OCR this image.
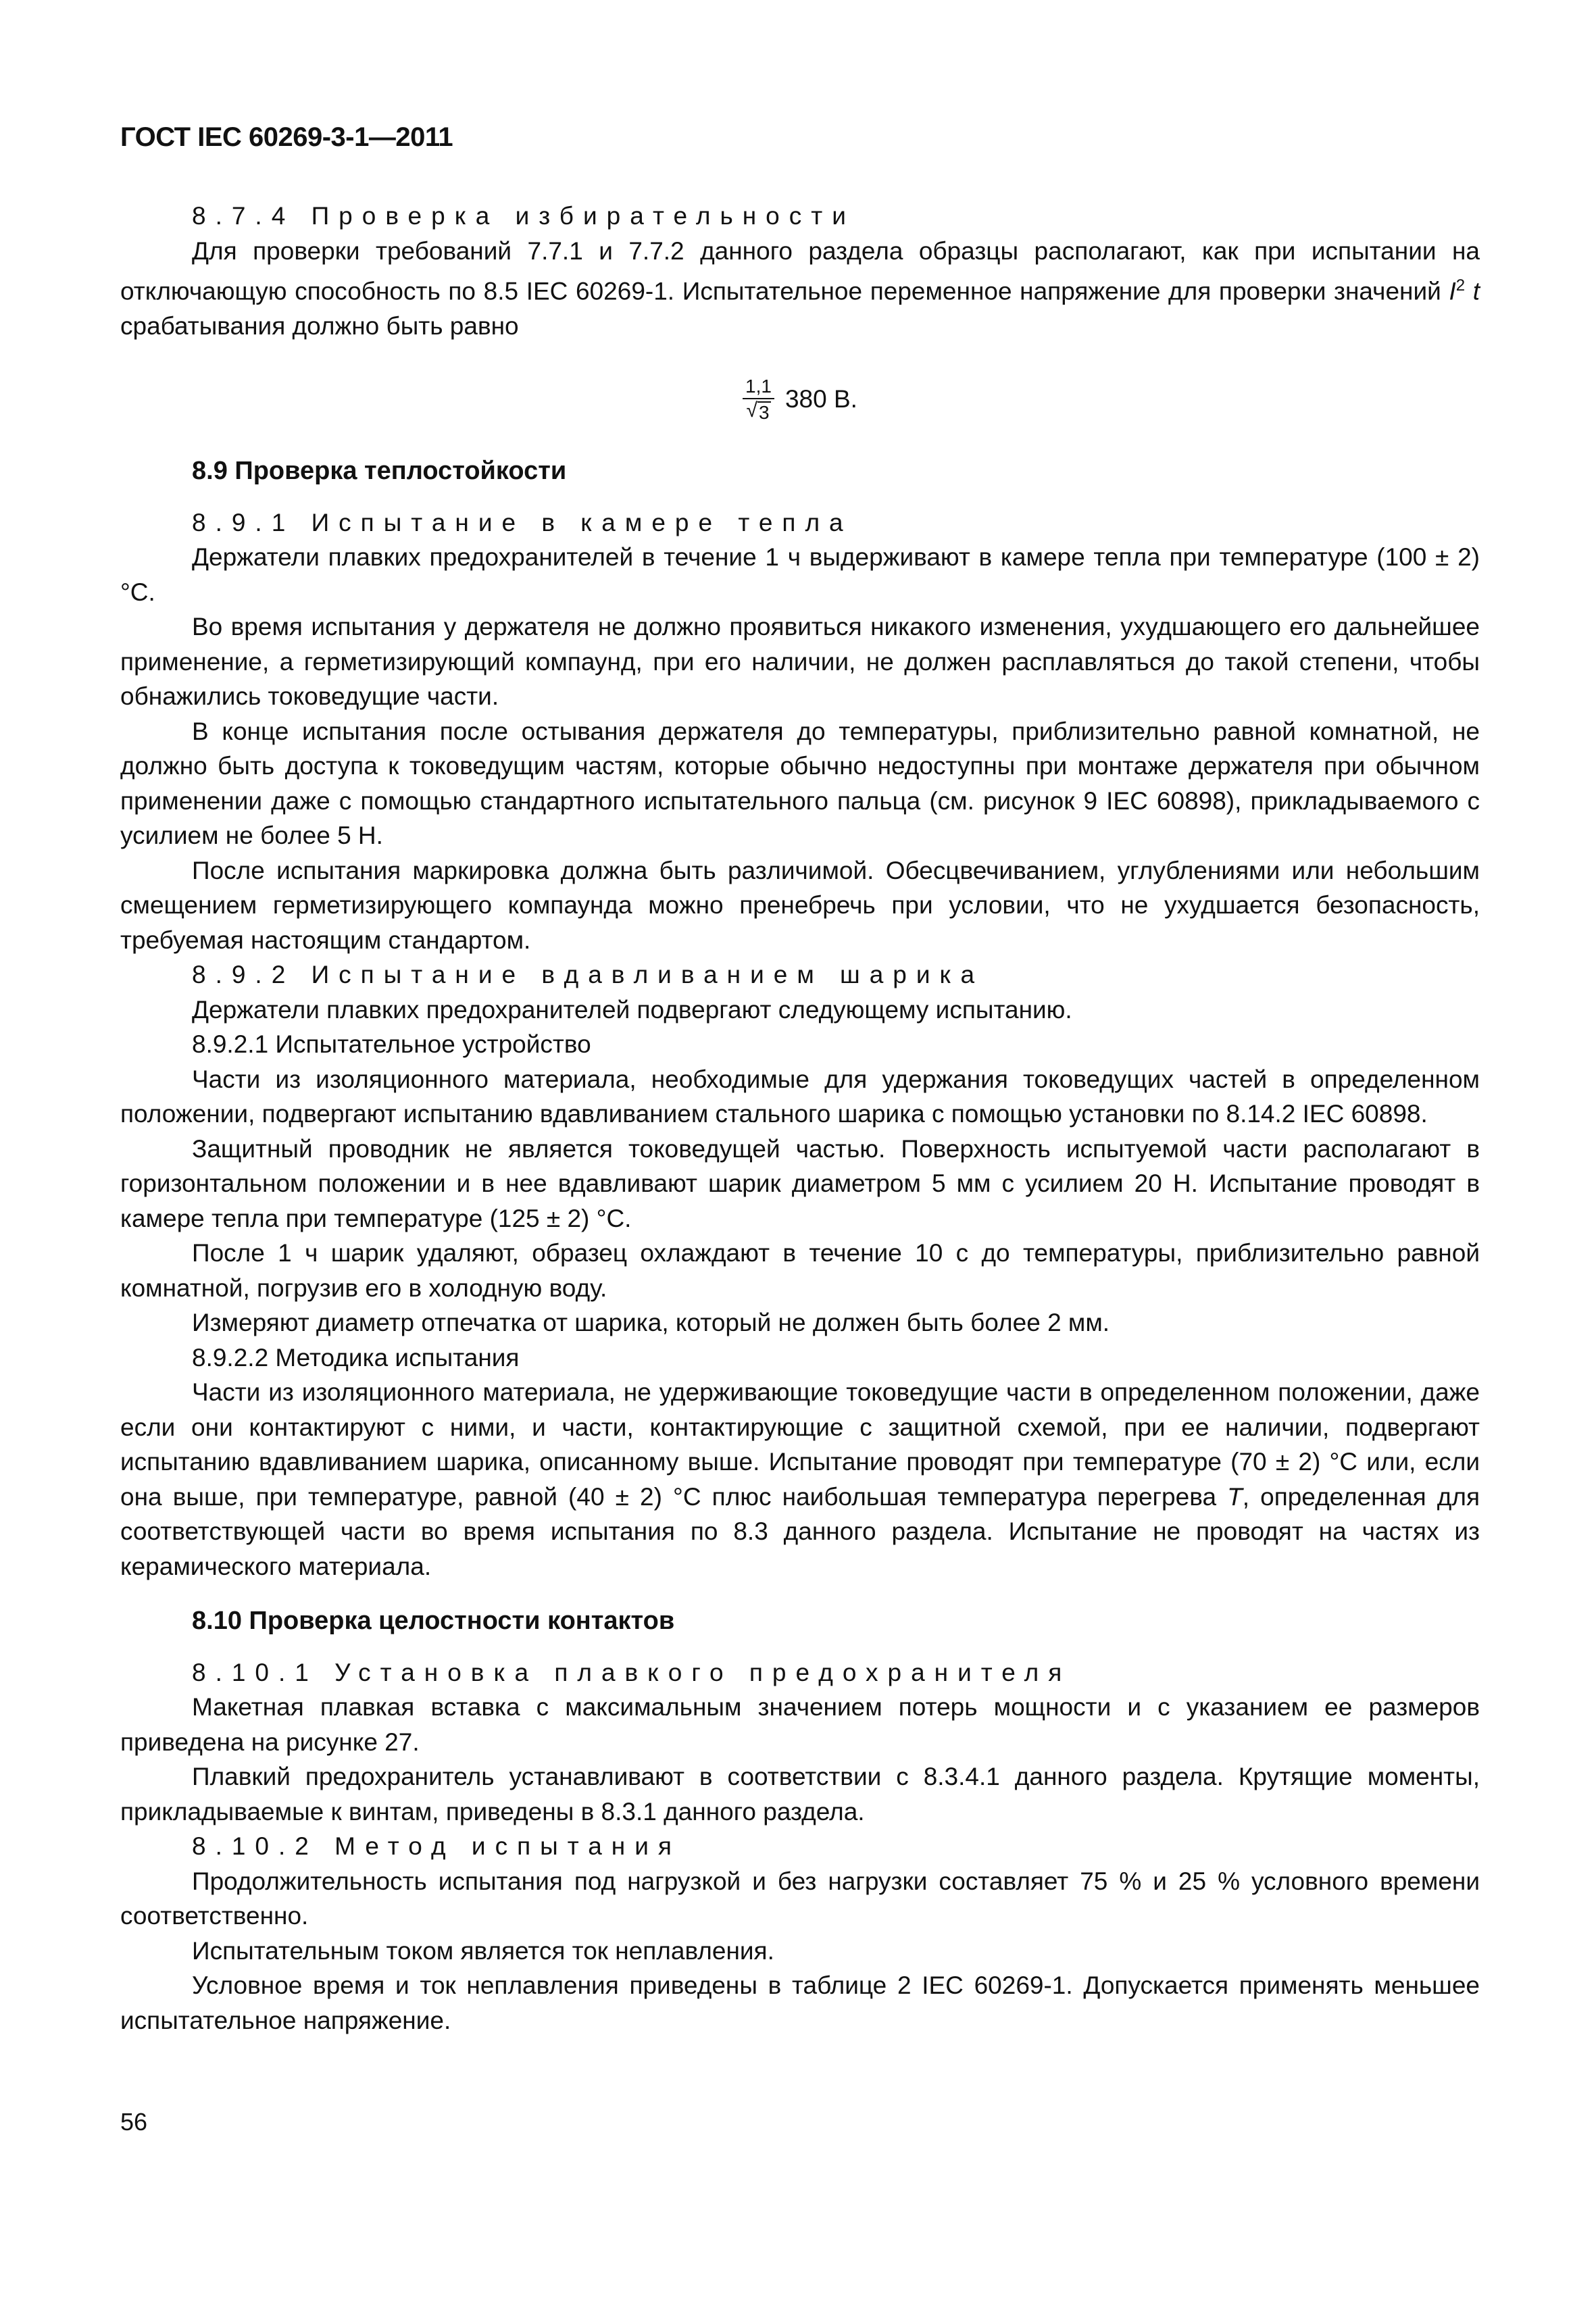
ГОСТ IEC 60269-3-1—2011

8.7.4 Проверка избирательности

Для проверки требований 7.7.1 и 7.7.2 данного раздела образцы располагают, как при испытании на отключающую способность по 8.5 IEC 60269-1. Испытательное переменное напряжение для проверки значений $I^2$ t срабатывания должно быть равно

$\frac{1,1}{√ 3} 380$ В.

8.9 Проверка теплостойкости

8.9.1 Испытание в камере тепла

Держатели плавких предохранителей в течение 1 ч выдерживают в камере тепла при температуре (100 ± 2) °С.

Во время испытания у держателя не должно проявиться никакого изменения, ухудшающего его дальнейшее применение, а герметизирующий компаунд, при его наличии, не должен расплавляться до такой степени, чтобы обнажились токоведущие части.

В конце испытания после остывания держателя до температуры, приблизительно равной комнатной, не должно быть доступа к токоведущим частям, которые обычно недоступны при монтаже держателя при обычном применении даже с помощью стандартного испытательного пальца (см. рисунок 9 IEC 60898), прикладываемого с усилием не более 5 Н.

После испытания маркировка должна быть различимой. Обесцвечиванием, углублениями или небольшим смещением герметизирующего компаунда можно пренебречь при условии, что не ухудшается безопасность, требуемая настоящим стандартом.

8.9.2 Испытание вдавливанием шарика

Держатели плавких предохранителей подвергают следующему испытанию.

8.9.2.1 Испытательное устройство

Части из изоляционного материала, необходимые для удержания токоведущих частей в определенном положении, подвергают испытанию вдавливанием стального шарика с помощью установки по 8.14.2 IEC 60898.

Защитный проводник не является токоведущей частью. Поверхность испытуемой части располагают в горизонтальном положении и в нее вдавливают шарик диаметром 5 мм с усилием 20 Н. Испытание проводят в камере тепла при температуре (125 ± 2) °С.

После 1 ч шарик удаляют, образец охлаждают в течение 10 с до температуры, приблизительно равной комнатной, погрузив его в холодную воду.

Измеряют диаметр отпечатка от шарика, который не должен быть более 2 мм.

8.9.2.2 Методика испытания

Части из изоляционного материала, не удерживающие токоведущие части в определенном положении, даже если они контактируют с ними, и части, контактирующие с защитной схемой, при ее наличии, подвергают испытанию вдавливанием шарика, описанному выше. Испытание проводят при температуре (70 ± 2) °С или, если она выше, при температуре, равной (40 ± 2) °С плюс наибольшая температура перегрева Т, определенная для соответствующей части во время испытания по 8.3 данного раздела. Испытание не проводят на частях из керамического материала.

8.10 Проверка целостности контактов

8.10.1 Установка плавкого предохранителя

Макетная плавкая вставка с максимальным значением потерь мощности и с указанием ее размеров приведена на рисунке 27.

Плавкий предохранитель устанавливают в соответствии с 8.3.4.1 данного раздела. Крутящие моменты, прикладываемые к винтам, приведены в 8.3.1 данного раздела.

8.10.2 Метод испытания

Продолжительность испытания под нагрузкой и без нагрузки составляет 75 % и 25 % условного времени соответственно.

Испытательным током является ток неплавления.

Условное время и ток неплавления приведены в таблице 2 IEC 60269-1. Допускается применять меньшее испытательное напряжение.

56
